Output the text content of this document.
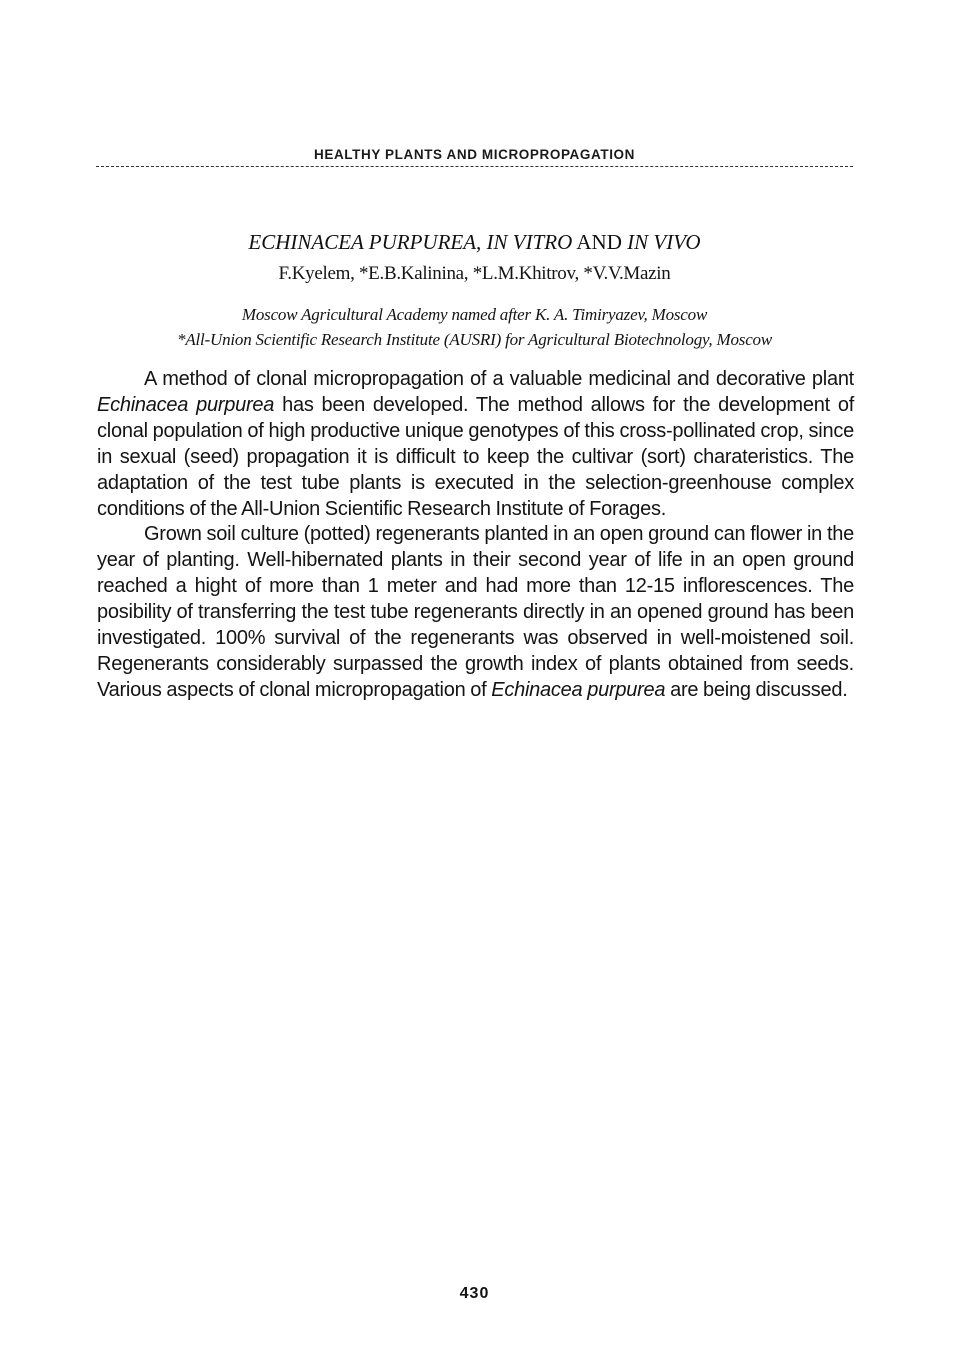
HEALTHY PLANTS AND MICROPROPAGATION
ECHINACEA PURPUREA, IN VITRO AND IN VIVO
F.Kyelem, *E.B.Kalinina, *L.M.Khitrov, *V.V.Mazin
Moscow Agricultural Academy named after K. A. Timiryazev, Moscow
*All-Union Scientific Research Institute (AUSRI) for Agricultural Biotechnology, Moscow

A method of clonal micropropagation of a valuable medicinal and decorative plant Echinacea purpurea has been developed. The method allows for the development of clonal population of high productive unique genotypes of this cross-pollinated crop, since in sexual (seed) propagation it is difficult to keep the cultivar (sort) charateristics. The adaptation of the test tube plants is executed in the selection-greenhouse complex conditions of the All-Union Scientific Research Institute of Forages.

Grown soil culture (potted) regenerants planted in an open ground can flower in the year of planting. Well-hibernated plants in their second year of life in an open ground reached a hight of more than 1 meter and had more than 12-15 inflorescences. The posibility of transferring the test tube regenerants directly in an opened ground has been investigated. 100% survival of the regenerants was observed in well-moistened soil. Regenerants considerably surpassed the growth index of plants obtained from seeds. Various aspects of clonal micropropagation of Echinacea purpurea are being discussed.

430
